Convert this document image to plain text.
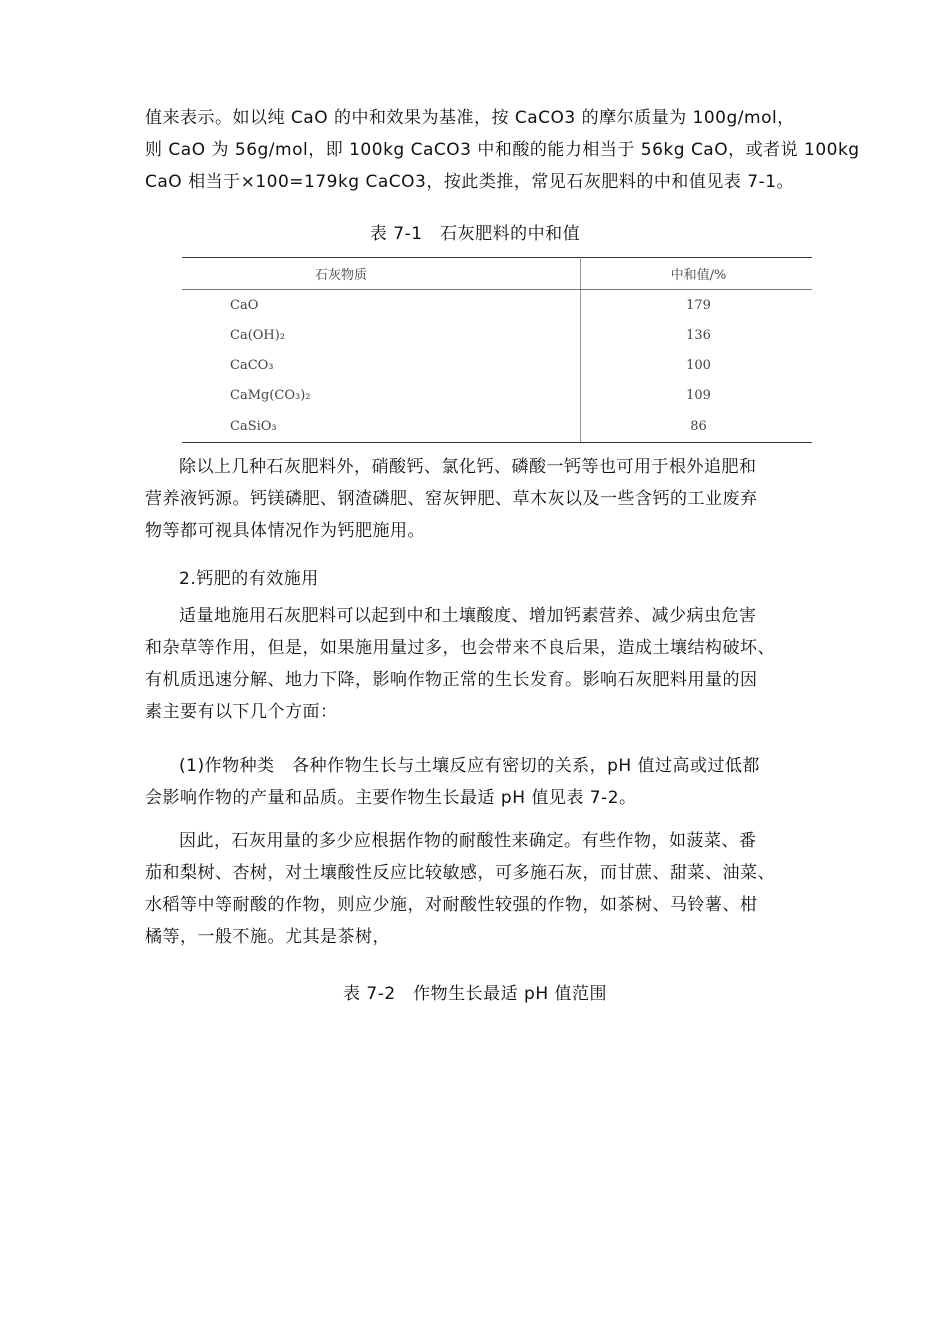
值来表示。如以纯 CaO 的中和效果为基准，按 CaCO3 的摩尔质量为 100g/mol，
则 CaO 为 56g/mol，即 100kg CaCO3 中和酸的能力相当于 56kg CaO，或者说 100kg
CaO 相当于×100=179kg CaCO3，按此类推，常见石灰肥料的中和值见表 7-1。
表 7-1　石灰肥料的中和值
石灰物质	中和值/%
CaO	179
Ca(OH)₂	136
CaCO₃	100
CaMg(CO₃)₂	109
CaSiO₃	86
除以上几种石灰肥料外，硝酸钙、氯化钙、磷酸一钙等也可用于根外追肥和
营养液钙源。钙镁磷肥、钢渣磷肥、窑灰钾肥、草木灰以及一些含钙的工业废弃
物等都可视具体情况作为钙肥施用。
2.钙肥的有效施用
适量地施用石灰肥料可以起到中和土壤酸度、增加钙素营养、减少病虫危害
和杂草等作用，但是，如果施用量过多，也会带来不良后果，造成土壤结构破坏、
有机质迅速分解、地力下降，影响作物正常的生长发育。影响石灰肥料用量的因
素主要有以下几个方面：
(1)作物种类　各种作物生长与土壤反应有密切的关系，pH 值过高或过低都
会影响作物的产量和品质。主要作物生长最适 pH 值见表 7-2。
因此，石灰用量的多少应根据作物的耐酸性来确定。有些作物，如菠菜、番
茄和梨树、杏树，对土壤酸性反应比较敏感，可多施石灰，而甘蔗、甜菜、油菜、
水稻等中等耐酸的作物，则应少施，对耐酸性较强的作物，如茶树、马铃薯、柑
橘等，一般不施。尤其是茶树，
表 7-2　作物生长最适 pH 值范围
